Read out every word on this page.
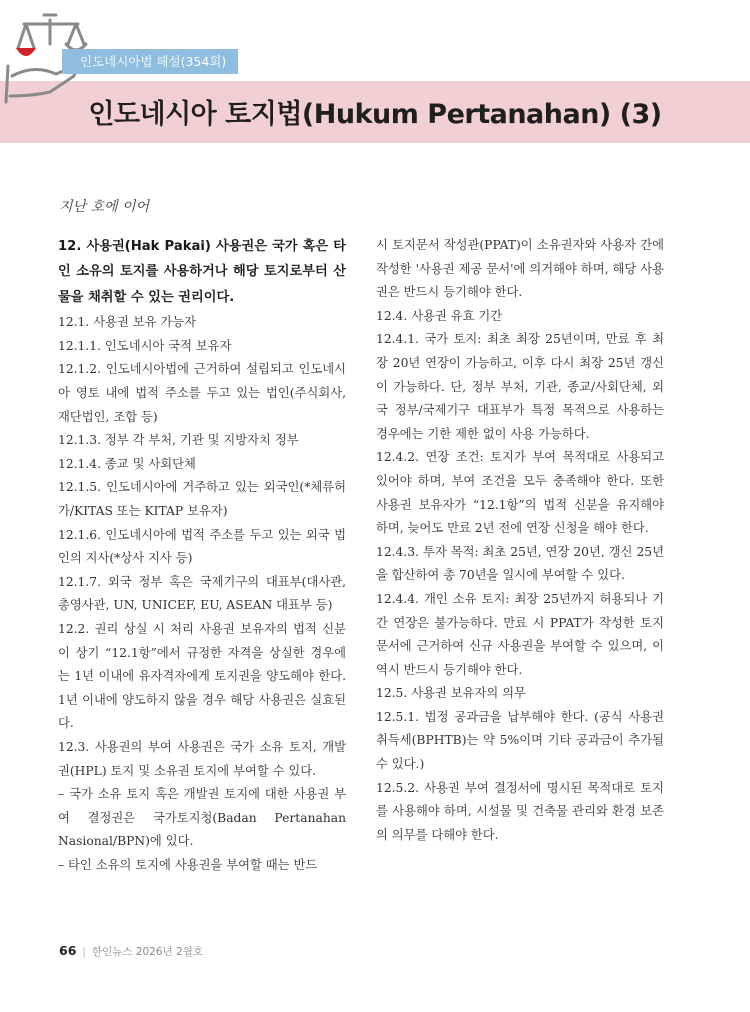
인도네시아법 해설(354회)
인도네시아 토지법(Hukum Pertanahan) (3)
지난 호에 이어

12. 사용권(Hak Pakai) 사용권은 국가 혹은 타인 소유의 토지를 사용하거나 해당 토지로부터 산물을 채취할 수 있는 권리이다.

12.1. 사용권 보유 가능자

12.1.1. 인도네시아 국적 보유자

12.1.2. 인도네시아법에 근거하여 설립되고 인도네시아 영토 내에 법적 주소를 두고 있는 법인(주식회사, 재단법인, 조합 등)

12.1.3. 정부 각 부처, 기관 및 지방자치 정부

12.1.4. 종교 및 사회단체

12.1.5. 인도네시아에 거주하고 있는 외국인(*체류허가/KITAS 또는 KITAP 보유자)

12.1.6. 인도네시아에 법적 주소를 두고 있는 외국 법인의 지사(*상사 지사 등)

12.1.7. 외국 정부 혹은 국제기구의 대표부(대사관, 총영사관, UN, UNICEF, EU, ASEAN 대표부 등)

12.2. 권리 상실 시 처리 사용권 보유자의 법적 신분이 상기 “12.1항”에서 규정한 자격을 상실한 경우에는 1년 이내에 유자격자에게 토지권을 양도해야 한다. 1년 이내에 양도하지 않을 경우 해당 사용권은 실효된다.

12.3. 사용권의 부여 사용권은 국가 소유 토지, 개발권(HPL) 토지 및 소유권 토지에 부여할 수 있다.

– 국가 소유 토지 혹은 개발권 토지에 대한 사용권 부여 결정권은 국가토지청(Badan Pertanahan Nasional/BPN)에 있다.

– 타인 소유의 토지에 사용권을 부여할 때는 반드

시 토지문서 작성관(PPAT)이 소유권자와 사용자 간에 작성한 '사용권 제공 문서'에 의거해야 하며, 해당 사용권은 반드시 등기해야 한다.

12.4. 사용권 유효 기간

12.4.1. 국가 토지: 최초 최장 25년이며, 만료 후 최장 20년 연장이 가능하고, 이후 다시 최장 25년 갱신이 가능하다. 단, 정부 부처, 기관, 종교/사회단체, 외국 정부/국제기구 대표부가 특정 목적으로 사용하는 경우에는 기한 제한 없이 사용 가능하다.

12.4.2. 연장 조건: 토지가 부여 목적대로 사용되고 있어야 하며, 부여 조건을 모두 충족해야 한다. 또한 사용권 보유자가 “12.1항”의 법적 신분을 유지해야 하며, 늦어도 만료 2년 전에 연장 신청을 해야 한다.

12.4.3. 투자 목적: 최초 25년, 연장 20년, 갱신 25년을 합산하여 총 70년을 일시에 부여할 수 있다.

12.4.4. 개인 소유 토지: 최장 25년까지 허용되나 기간 연장은 불가능하다. 만료 시 PPAT가 작성한 토지 문서에 근거하여 신규 사용권을 부여할 수 있으며, 이 역시 반드시 등기해야 한다.

12.5. 사용권 보유자의 의무

12.5.1. 법정 공과금을 납부해야 한다. (공식 사용권 취득세(BPHTB)는 약 5%이며 기타 공과금이 추가될 수 있다.)

12.5.2. 사용권 부여 결정서에 명시된 목적대로 토지를 사용해야 하며, 시설물 및 건축물 관리와 환경 보존의 의무를 다해야 한다.

66 | 한인뉴스 2026년 2월호
